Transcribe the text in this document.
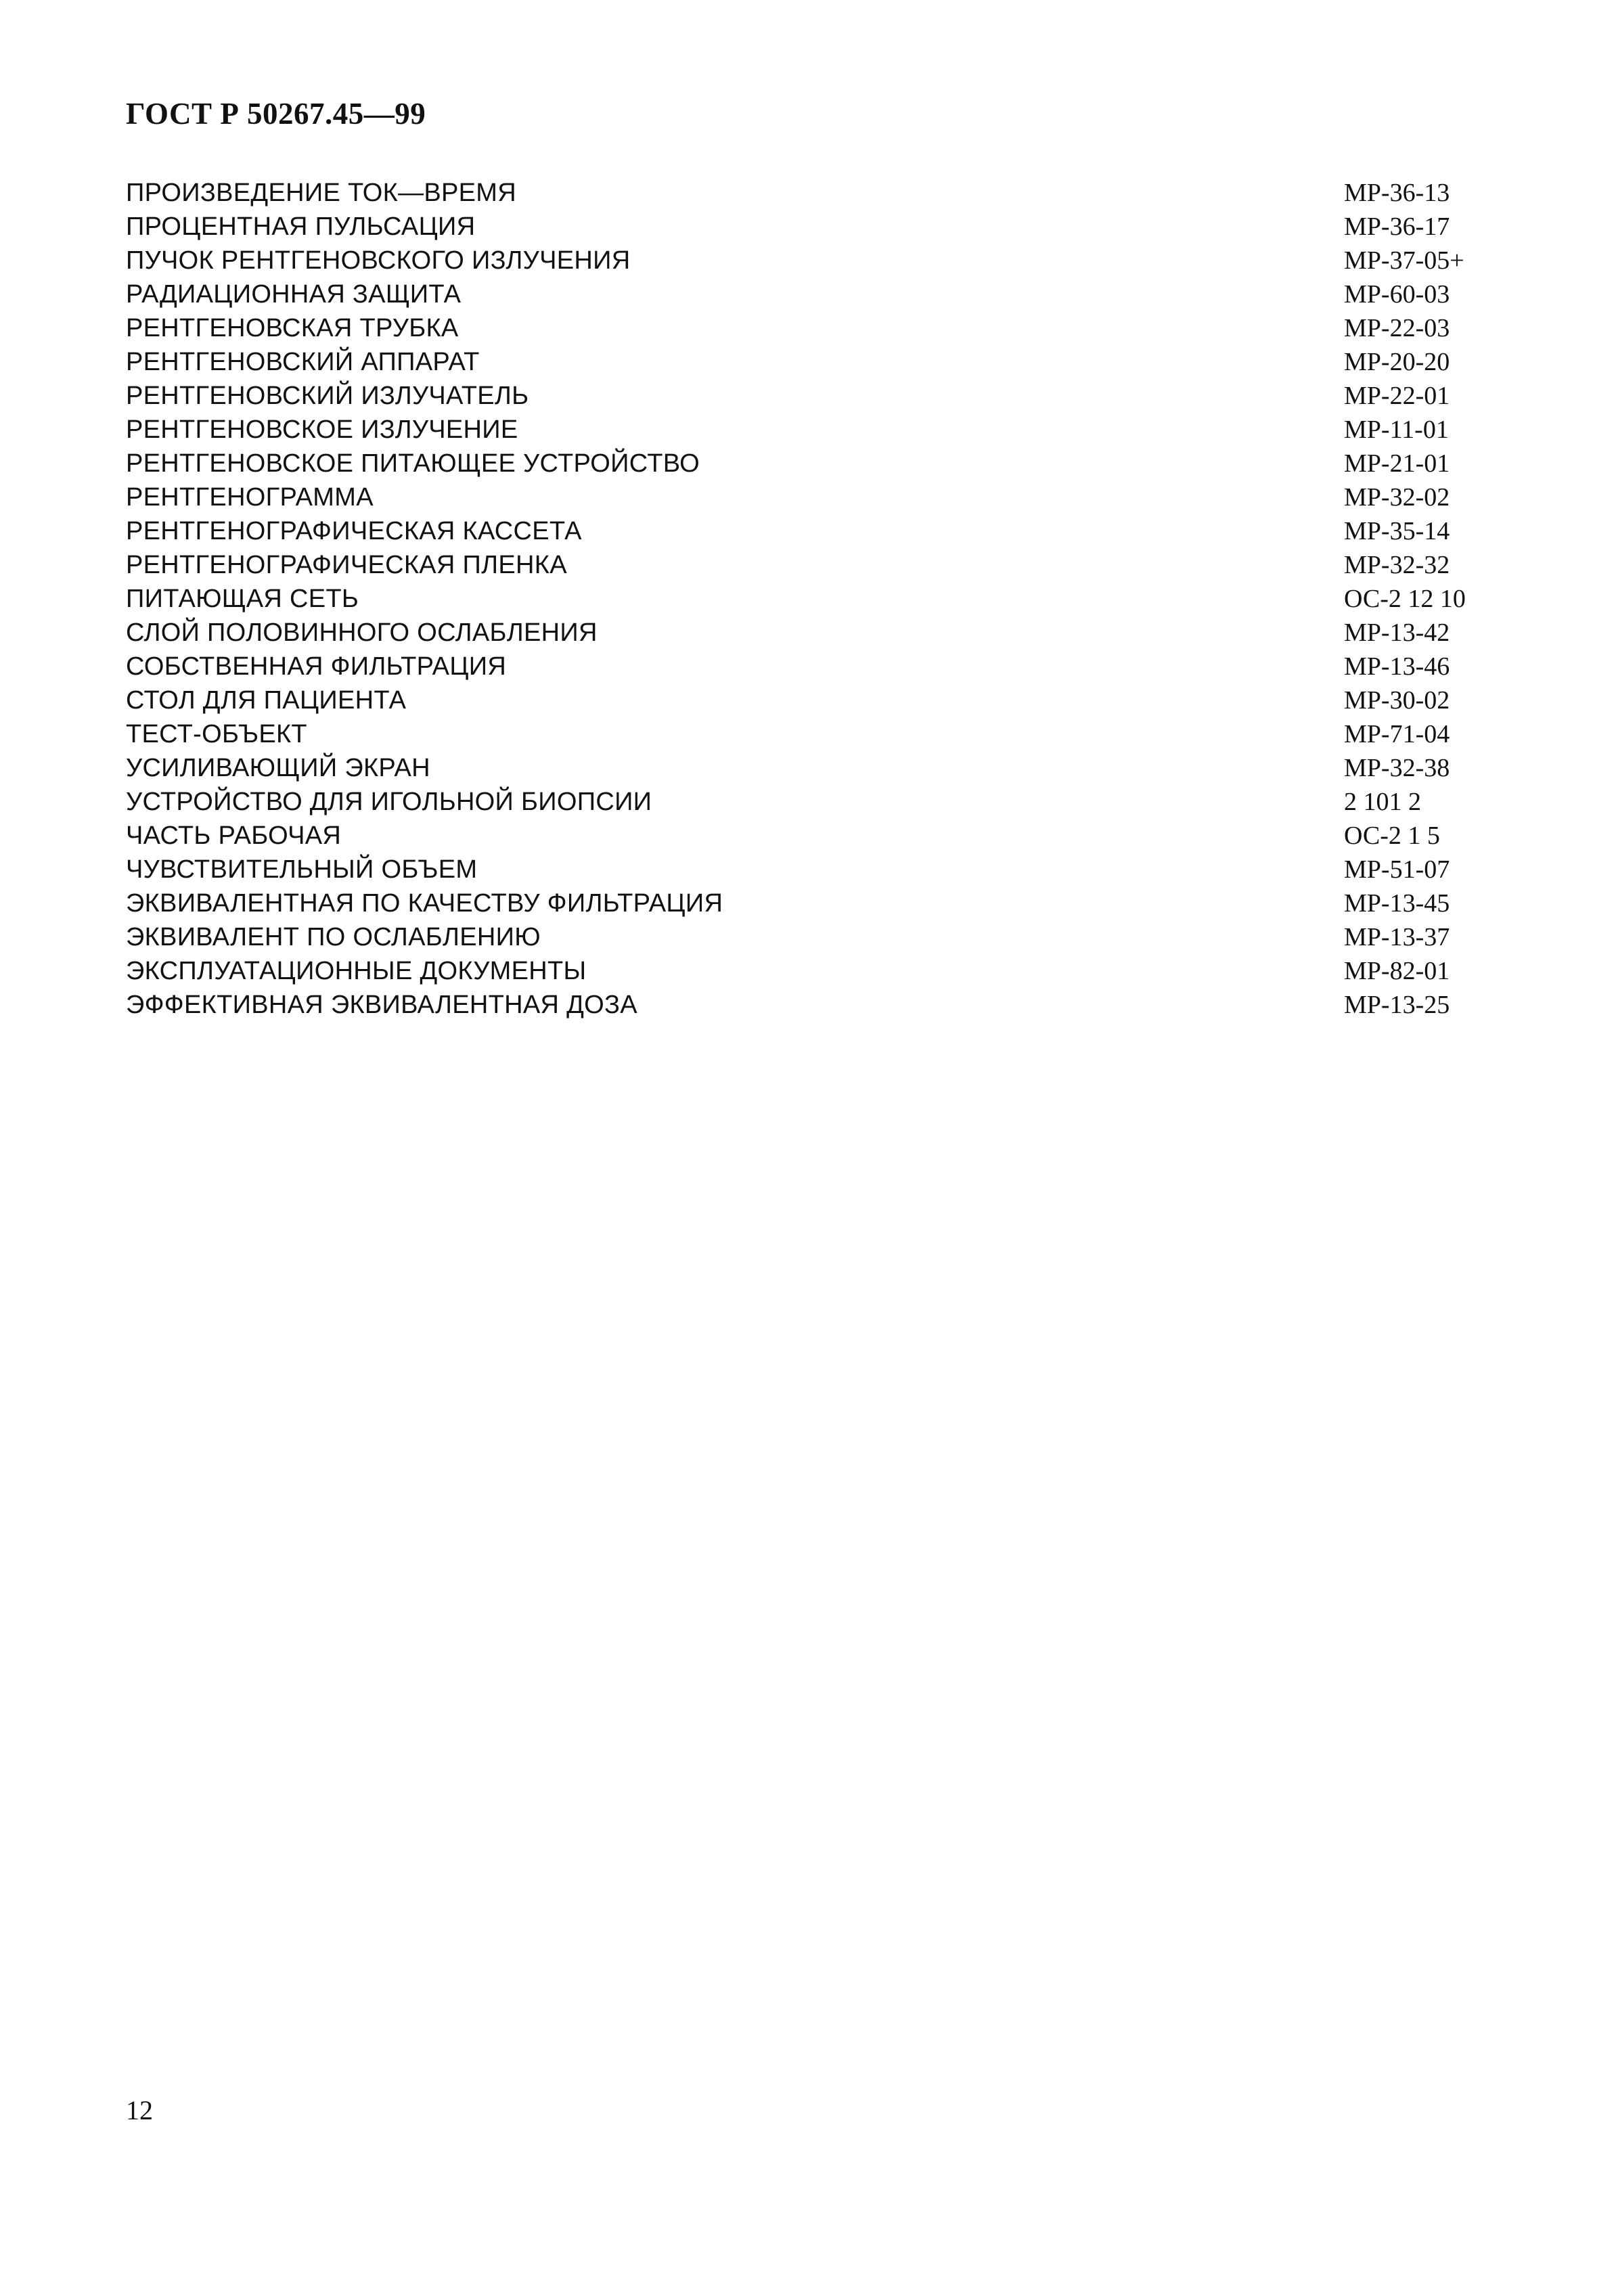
ГОСТ Р 50267.45—99
ПРОИЗВЕДЕНИЕ ТОК—ВРЕМЯ	МР-36-13
ПРОЦЕНТНАЯ ПУЛЬСАЦИЯ	МР-36-17
ПУЧОК РЕНТГЕНОВСКОГО ИЗЛУЧЕНИЯ	МР-37-05+
РАДИАЦИОННАЯ ЗАЩИТА	МР-60-03
РЕНТГЕНОВСКАЯ ТРУБКА	МР-22-03
РЕНТГЕНОВСКИЙ АППАРАТ	МР-20-20
РЕНТГЕНОВСКИЙ ИЗЛУЧАТЕЛЬ	МР-22-01
РЕНТГЕНОВСКОЕ ИЗЛУЧЕНИЕ	МР-11-01
РЕНТГЕНОВСКОЕ ПИТАЮЩЕЕ УСТРОЙСТВО	МР-21-01
РЕНТГЕНОГРАММА	МР-32-02
РЕНТГЕНОГРАФИЧЕСКАЯ КАССЕТА	МР-35-14
РЕНТГЕНОГРАФИЧЕСКАЯ ПЛЕНКА	МР-32-32
ПИТАЮЩАЯ СЕТЬ	ОС-2 12 10
СЛОЙ ПОЛОВИННОГО ОСЛАБЛЕНИЯ	МР-13-42
СОБСТВЕННАЯ ФИЛЬТРАЦИЯ	МР-13-46
СТОЛ ДЛЯ ПАЦИЕНТА	МР-30-02
ТЕСТ-ОБЪЕКТ	МР-71-04
УСИЛИВАЮЩИЙ ЭКРАН	МР-32-38
УСТРОЙСТВО ДЛЯ ИГОЛЬНОЙ БИОПСИИ	2 101 2
ЧАСТЬ РАБОЧАЯ	ОС-2 1 5
ЧУВСТВИТЕЛЬНЫЙ ОБЪЕМ	МР-51-07
ЭКВИВАЛЕНТНАЯ ПО КАЧЕСТВУ ФИЛЬТРАЦИЯ	МР-13-45
ЭКВИВАЛЕНТ ПО ОСЛАБЛЕНИЮ	МР-13-37
ЭКСПЛУАТАЦИОННЫЕ ДОКУМЕНТЫ	МР-82-01
ЭФФЕКТИВНАЯ ЭКВИВАЛЕНТНАЯ ДОЗА	МР-13-25
12
